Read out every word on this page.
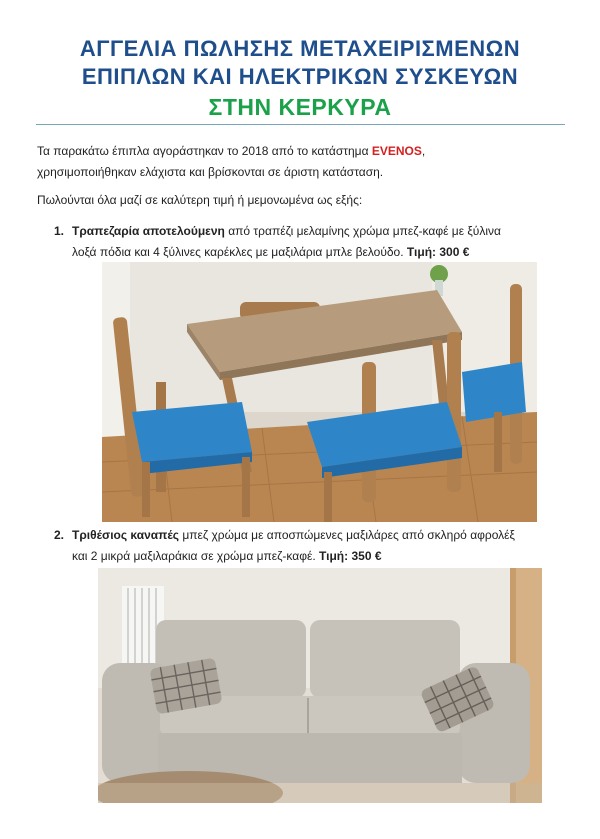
ΑΓΓΕΛΙΑ ΠΩΛΗΣΗΣ ΜΕΤΑΧΕΙΡΙΣΜΕΝΩΝ
ΕΠΙΠΛΩΝ ΚΑΙ ΗΛΕΚΤΡΙΚΩΝ ΣΥΣΚΕΥΩΝ
ΣΤΗΝ ΚΕΡΚΥΡΑ
Τα παρακάτω έπιπλα αγοράστηκαν το 2018 από το κατάστημα EVENOS,
χρησιμοποιήθηκαν ελάχιστα και βρίσκονται σε άριστη κατάσταση.
Πωλούνται όλα μαζί σε καλύτερη τιμή ή μεμονωμένα ως εξής:
1. Τραπεζαρία αποτελούμενη από τραπέζι μελαμίνης χρώμα μπεζ-καφέ με ξύλινα
λοξά πόδια και 4 ξύλινες καρέκλες με μαξιλάρια μπλε βελούδο. Τιμή: 300 €
2. Τριθέσιος καναπές μπεζ χρώμα με αποσπώμενες μαξιλάρες από σκληρό αφρολέξ
και 2 μικρά μαξιλαράκια σε χρώμα μπεζ-καφέ. Τιμή: 350 €
